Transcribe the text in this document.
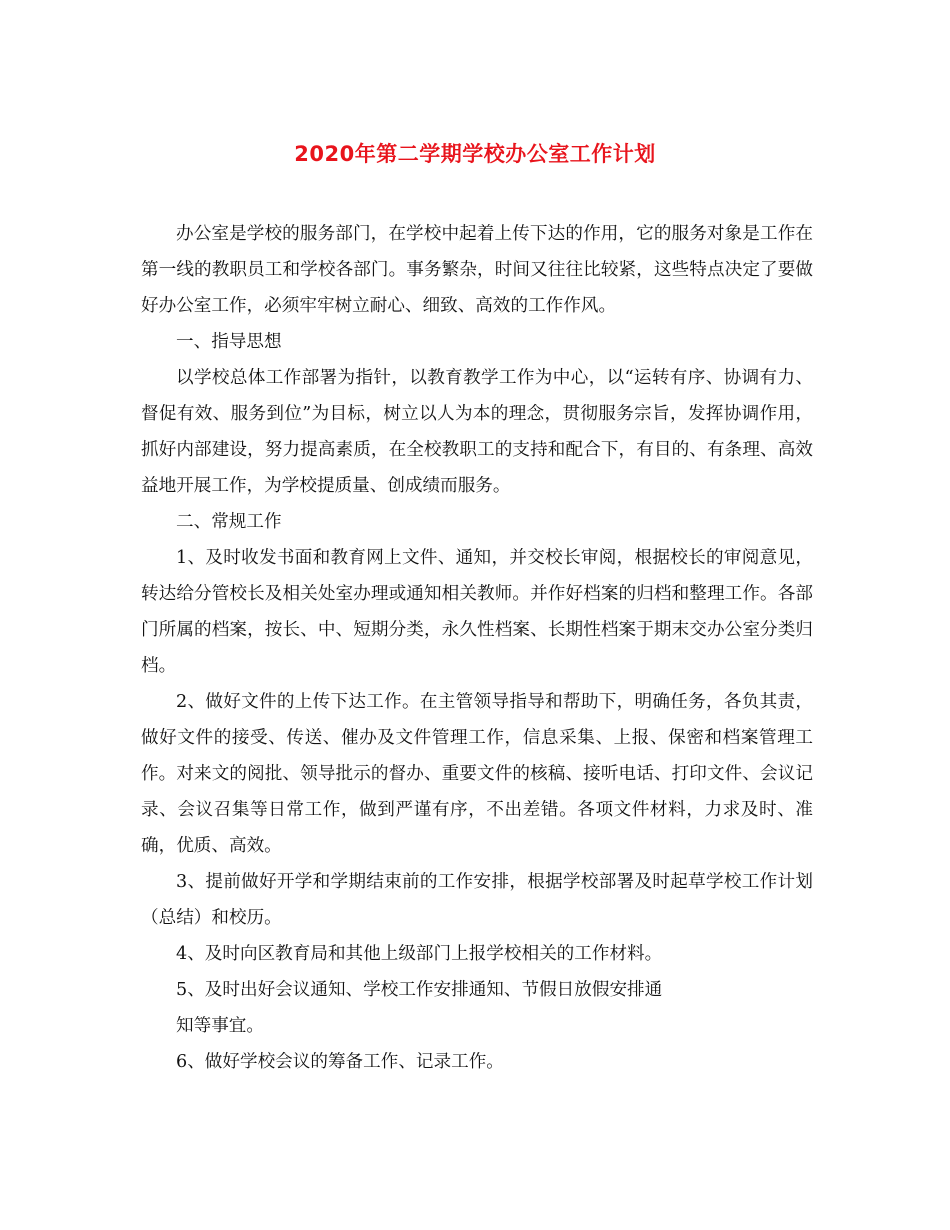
2020年第二学期学校办公室工作计划

办公室是学校的服务部门，在学校中起着上传下达的作用，它的服务对象是工作在第一线的教职员工和学校各部门。事务繁杂，时间又往往比较紧，这些特点决定了要做好办公室工作，必须牢牢树立耐心、细致、高效的工作作风。

一、指导思想

以学校总体工作部署为指针，以教育教学工作为中心，以“运转有序、协调有力、督促有效、服务到位”为目标，树立以人为本的理念，贯彻服务宗旨，发挥协调作用，抓好内部建设，努力提高素质，在全校教职工的支持和配合下，有目的、有条理、高效益地开展工作，为学校提质量、创成绩而服务。

二、常规工作

1、及时收发书面和教育网上文件、通知，并交校长审阅，根据校长的审阅意见，转达给分管校长及相关处室办理或通知相关教师。并作好档案的归档和整理工作。各部门所属的档案，按长、中、短期分类，永久性档案、长期性档案于期末交办公室分类归档。

2、做好文件的上传下达工作。在主管领导指导和帮助下，明确任务，各负其责，做好文件的接受、传送、催办及文件管理工作，信息采集、上报、保密和档案管理工作。对来文的阅批、领导批示的督办、重要文件的核稿、接听电话、打印文件、会议记录、会议召集等日常工作，做到严谨有序，不出差错。各项文件材料，力求及时、准确，优质、高效。

3、提前做好开学和学期结束前的工作安排，根据学校部署及时起草学校工作计划（总结）和校历。

4、及时向区教育局和其他上级部门上报学校相关的工作材料。

5、及时出好会议通知、学校工作安排通知、节假日放假安排通

知等事宜。

6、做好学校会议的筹备工作、记录工作。
